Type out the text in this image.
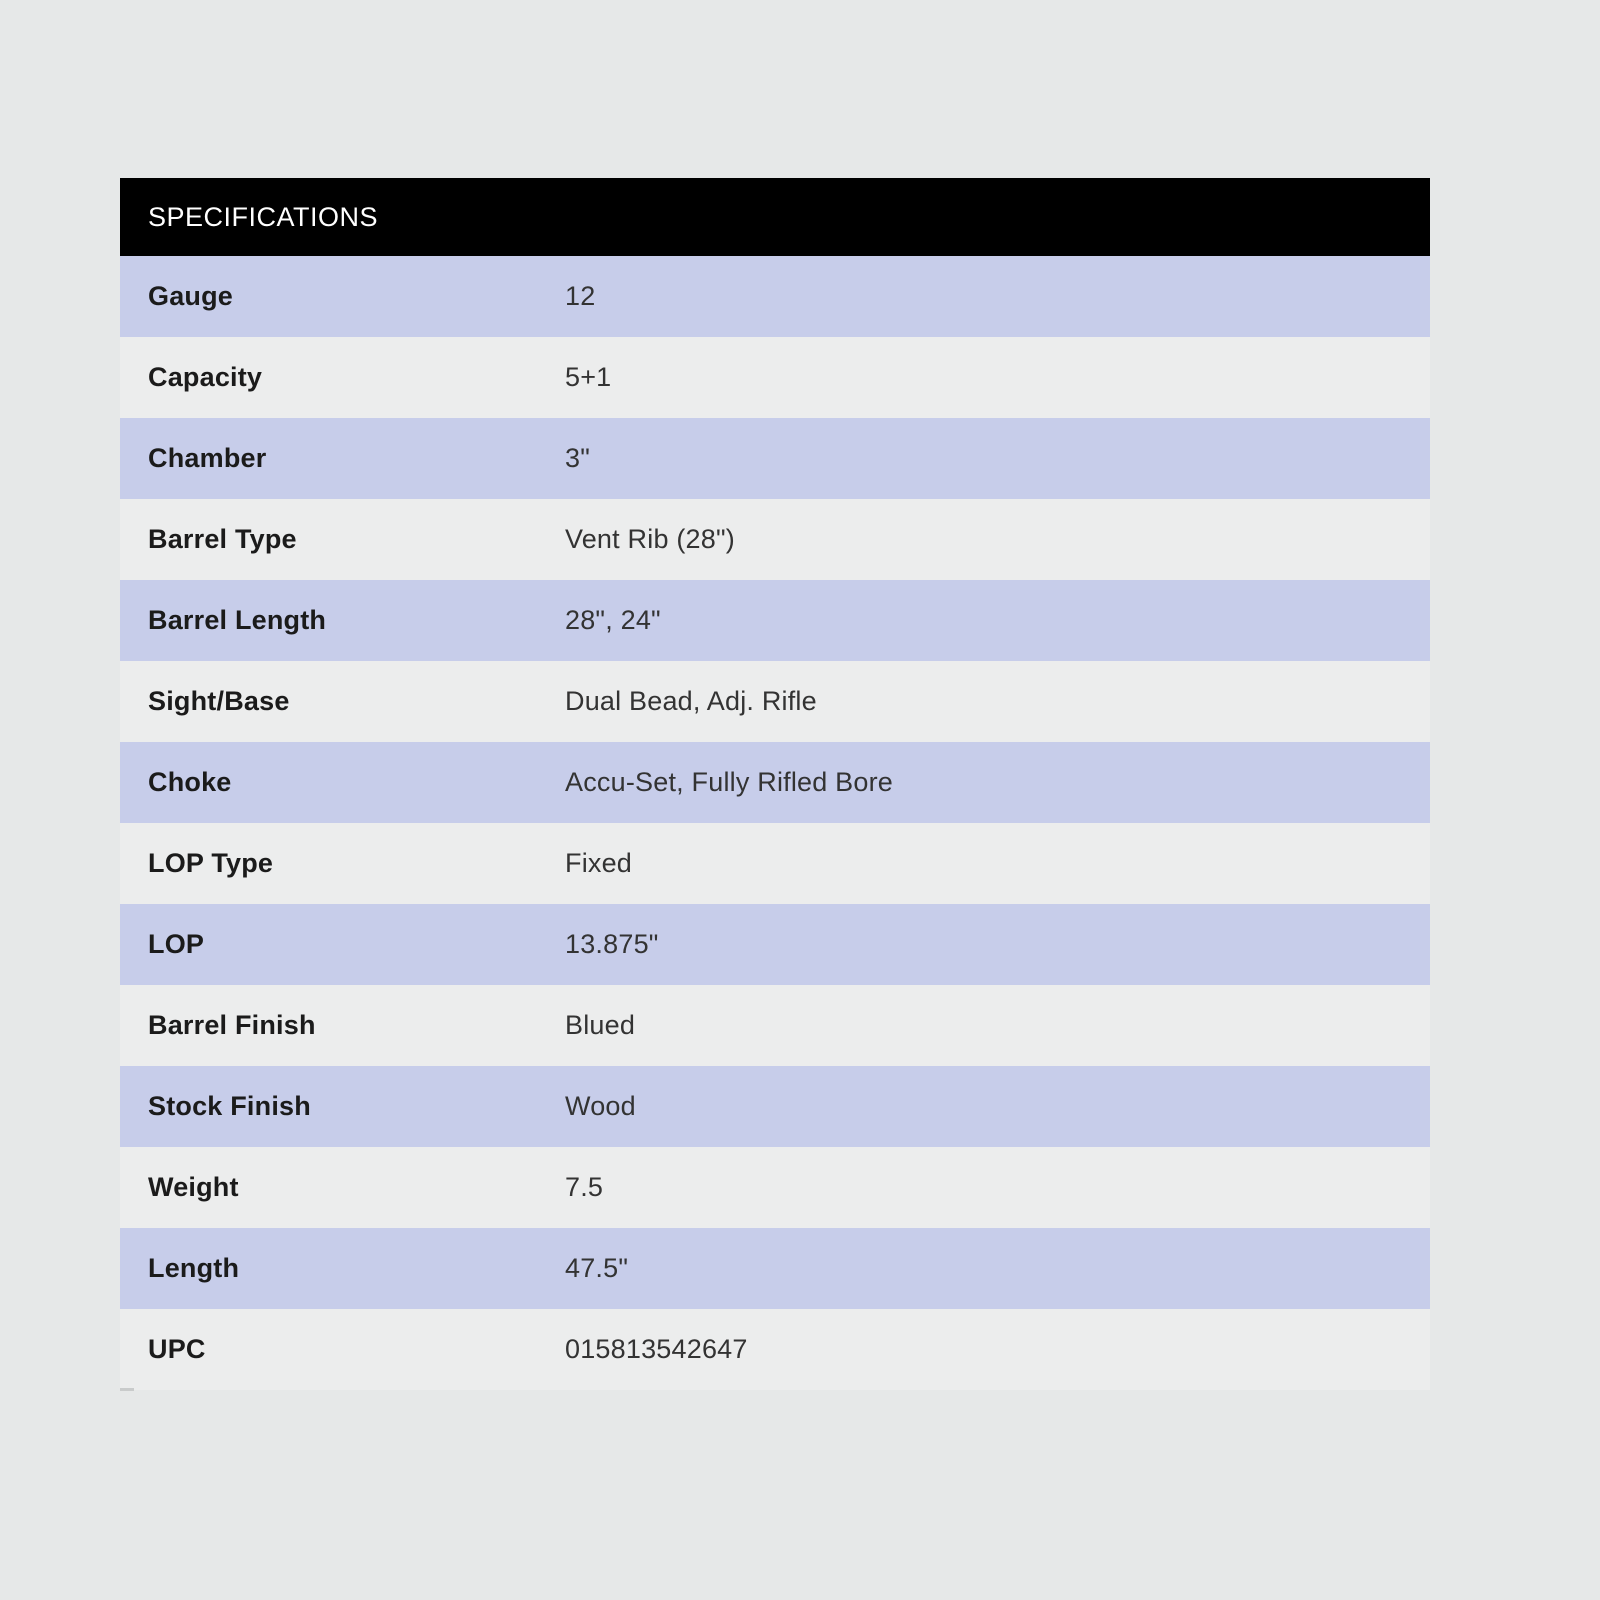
SPECIFICATIONS
Gauge	12
Capacity	5+1
Chamber	3"
Barrel Type	Vent Rib (28")
Barrel Length	28", 24"
Sight/Base	Dual Bead, Adj. Rifle
Choke	Accu-Set, Fully Rifled Bore
LOP Type	Fixed
LOP	13.875"
Barrel Finish	Blued
Stock Finish	Wood
Weight	7.5
Length	47.5"
UPC	015813542647
